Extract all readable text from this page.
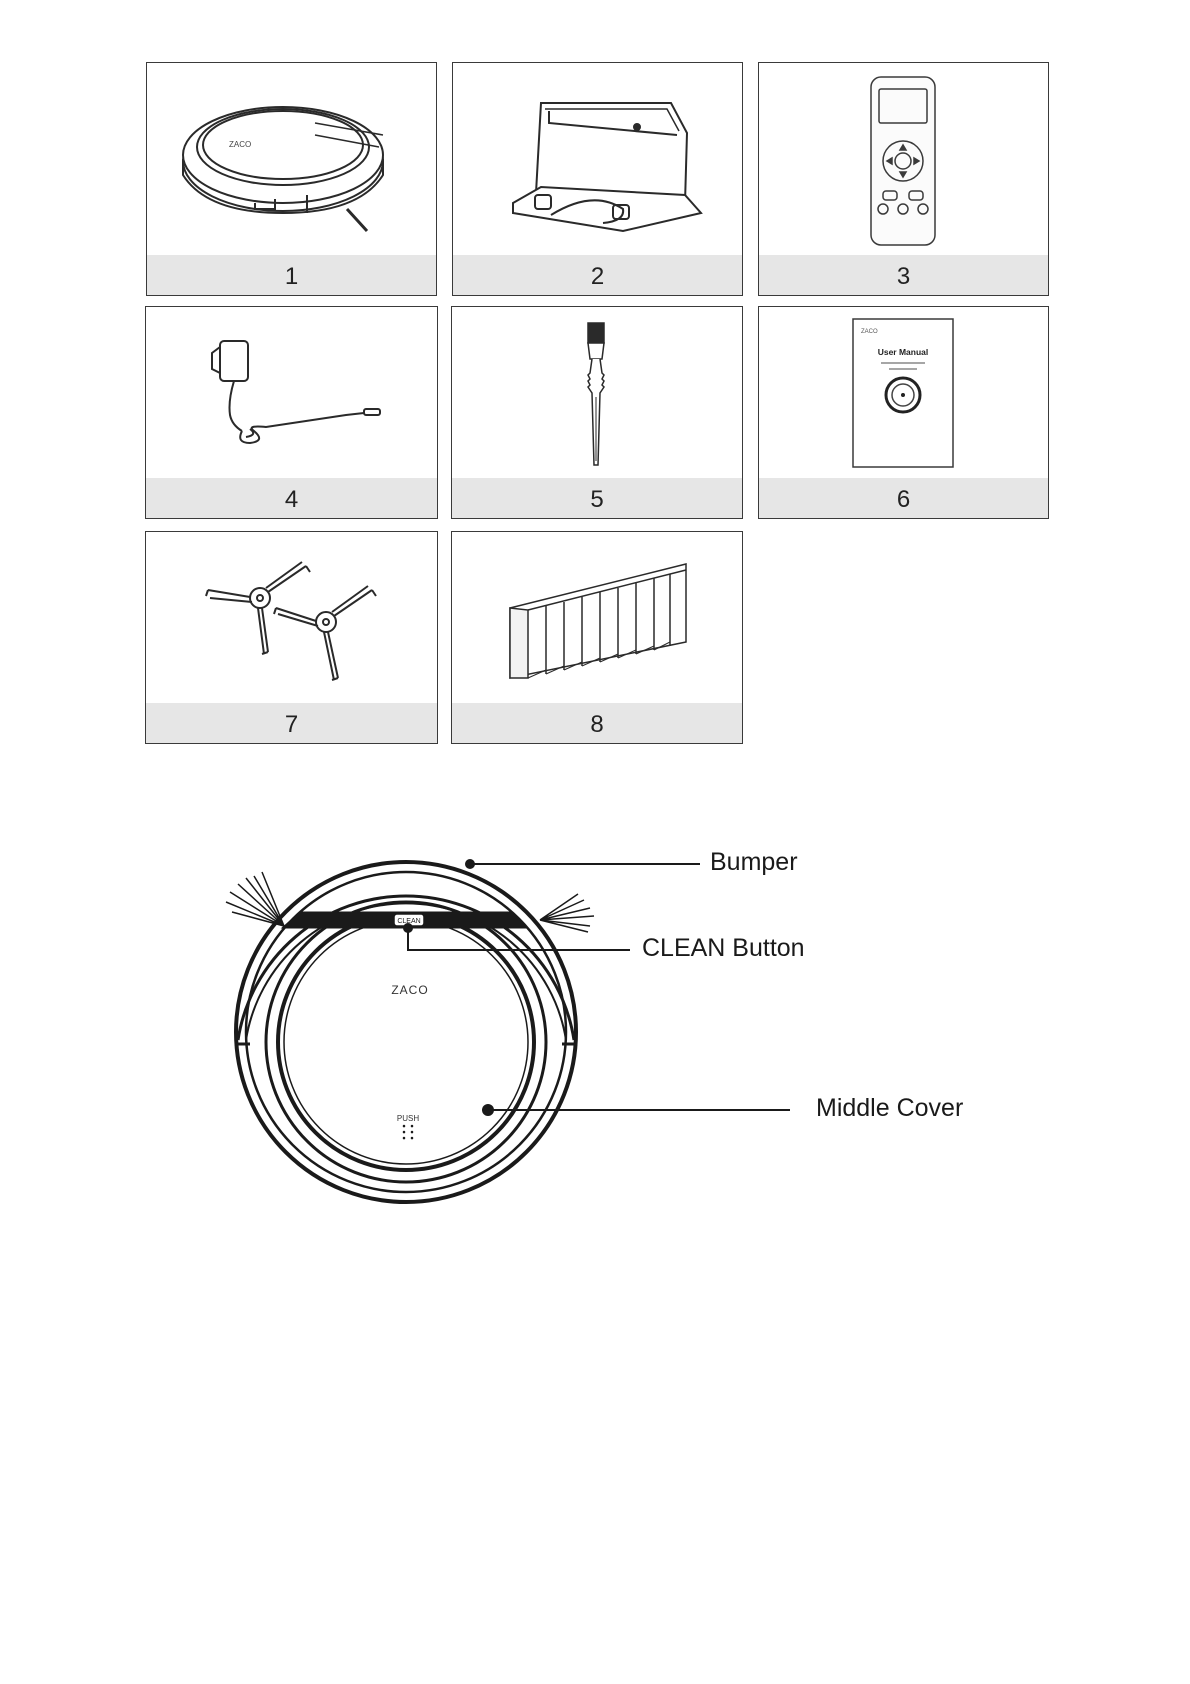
ZACO
1	2	3
4	5
ZACO
User Manual
6
7	8
CLEAN
ZACO
PUSH
Bumper
CLEAN Button
Middle Cover
